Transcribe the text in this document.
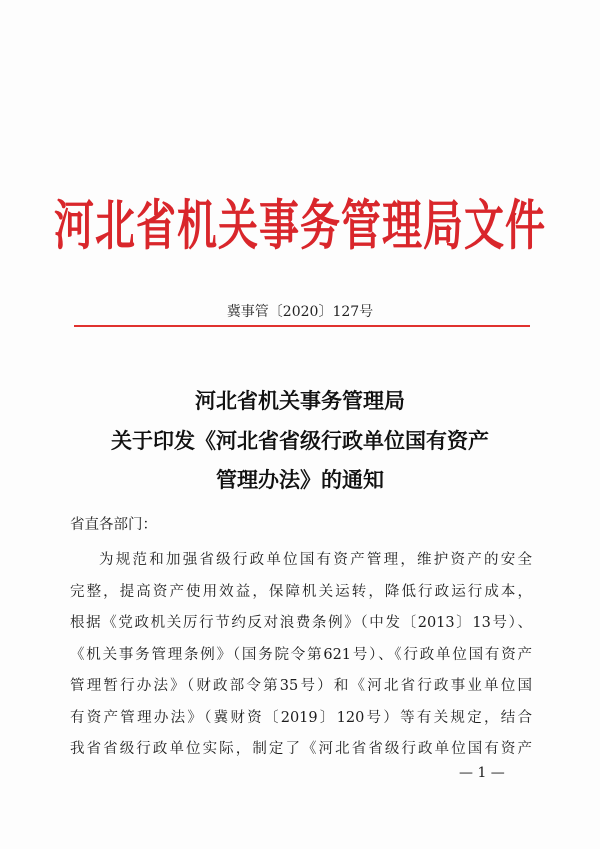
河北省机关事务管理局文件
冀事管〔2020〕127号
河北省机关事务管理局
关于印发《河北省省级行政单位国有资产
管理办法》的通知
省直各部门：
为规范和加强省级行政单位国有资产管理，维护资产的安全
完整，提高资产使用效益，保障机关运转，降低行政运行成本，
根据《党政机关厉行节约反对浪费条例》（中发〔2013〕13号）、
《机关事务管理条例》（国务院令第621号）、《行政单位国有资产
管理暂行办法》（财政部令第35号）和《河北省行政事业单位国
有资产管理办法》（冀财资〔2019〕120号）等有关规定，结合
我省省级行政单位实际，制定了《河北省省级行政单位国有资产
— 1 —
